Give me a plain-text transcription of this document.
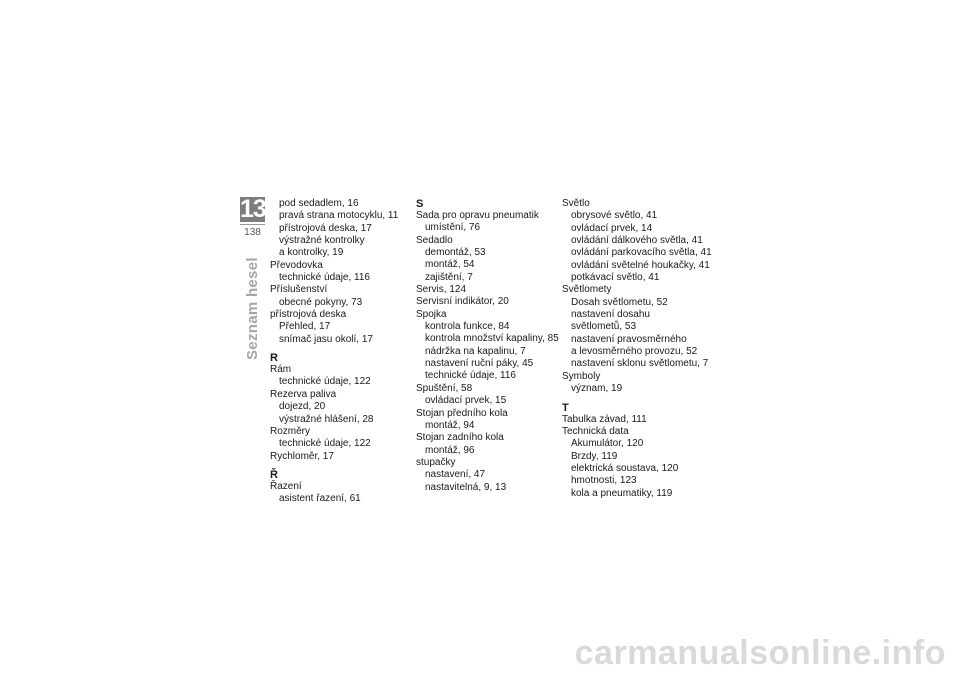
13
138
Seznam hesel
pod sedadlem, 16
pravá strana motocyklu, 11
přístrojová deska, 17
výstražné kontrolky
a kontrolky, 19
Převodovka
technické údaje, 116
Příslušenství
obecné pokyny, 73
přístrojová deska
Přehled, 17
snímač jasu okolí, 17
R
Rám
technické údaje, 122
Rezerva paliva
dojezd, 20
výstražné hlášení, 28
Rozměry
technické údaje, 122
Rychloměr, 17
Ř
Řazení
asistent řazení, 61
S
Sada pro opravu pneumatik
umístění, 76
Sedadlo
demontáž, 53
montáž, 54
zajištění, 7
Servis, 124
Servisní indikátor, 20
Spojka
kontrola funkce, 84
kontrola množství kapaliny, 85
nádržka na kapalinu, 7
nastavení ruční páky, 45
technické údaje, 116
Spuštění, 58
ovládací prvek, 15
Stojan předního kola
montáž, 94
Stojan zadního kola
montáž, 96
stupačky
nastavení, 47
nastavitelná, 9, 13
Světlo
obrysové světlo, 41
ovládací prvek, 14
ovládání dálkového světla, 41
ovládání parkovacího světla, 41
ovládání světelné houkačky, 41
potkávací světlo, 41
Světlomety
Dosah světlometu, 52
nastavení dosahu
světlometů, 53
nastavení pravosměrného
a levosměrného provozu, 52
nastavení sklonu světlometu, 7
Symboly
význam, 19
T
Tabulka závad, 111
Technická data
Akumulátor, 120
Brzdy, 119
elektrická soustava, 120
hmotnosti, 123
kola a pneumatiky, 119
carmanualsonline.info
